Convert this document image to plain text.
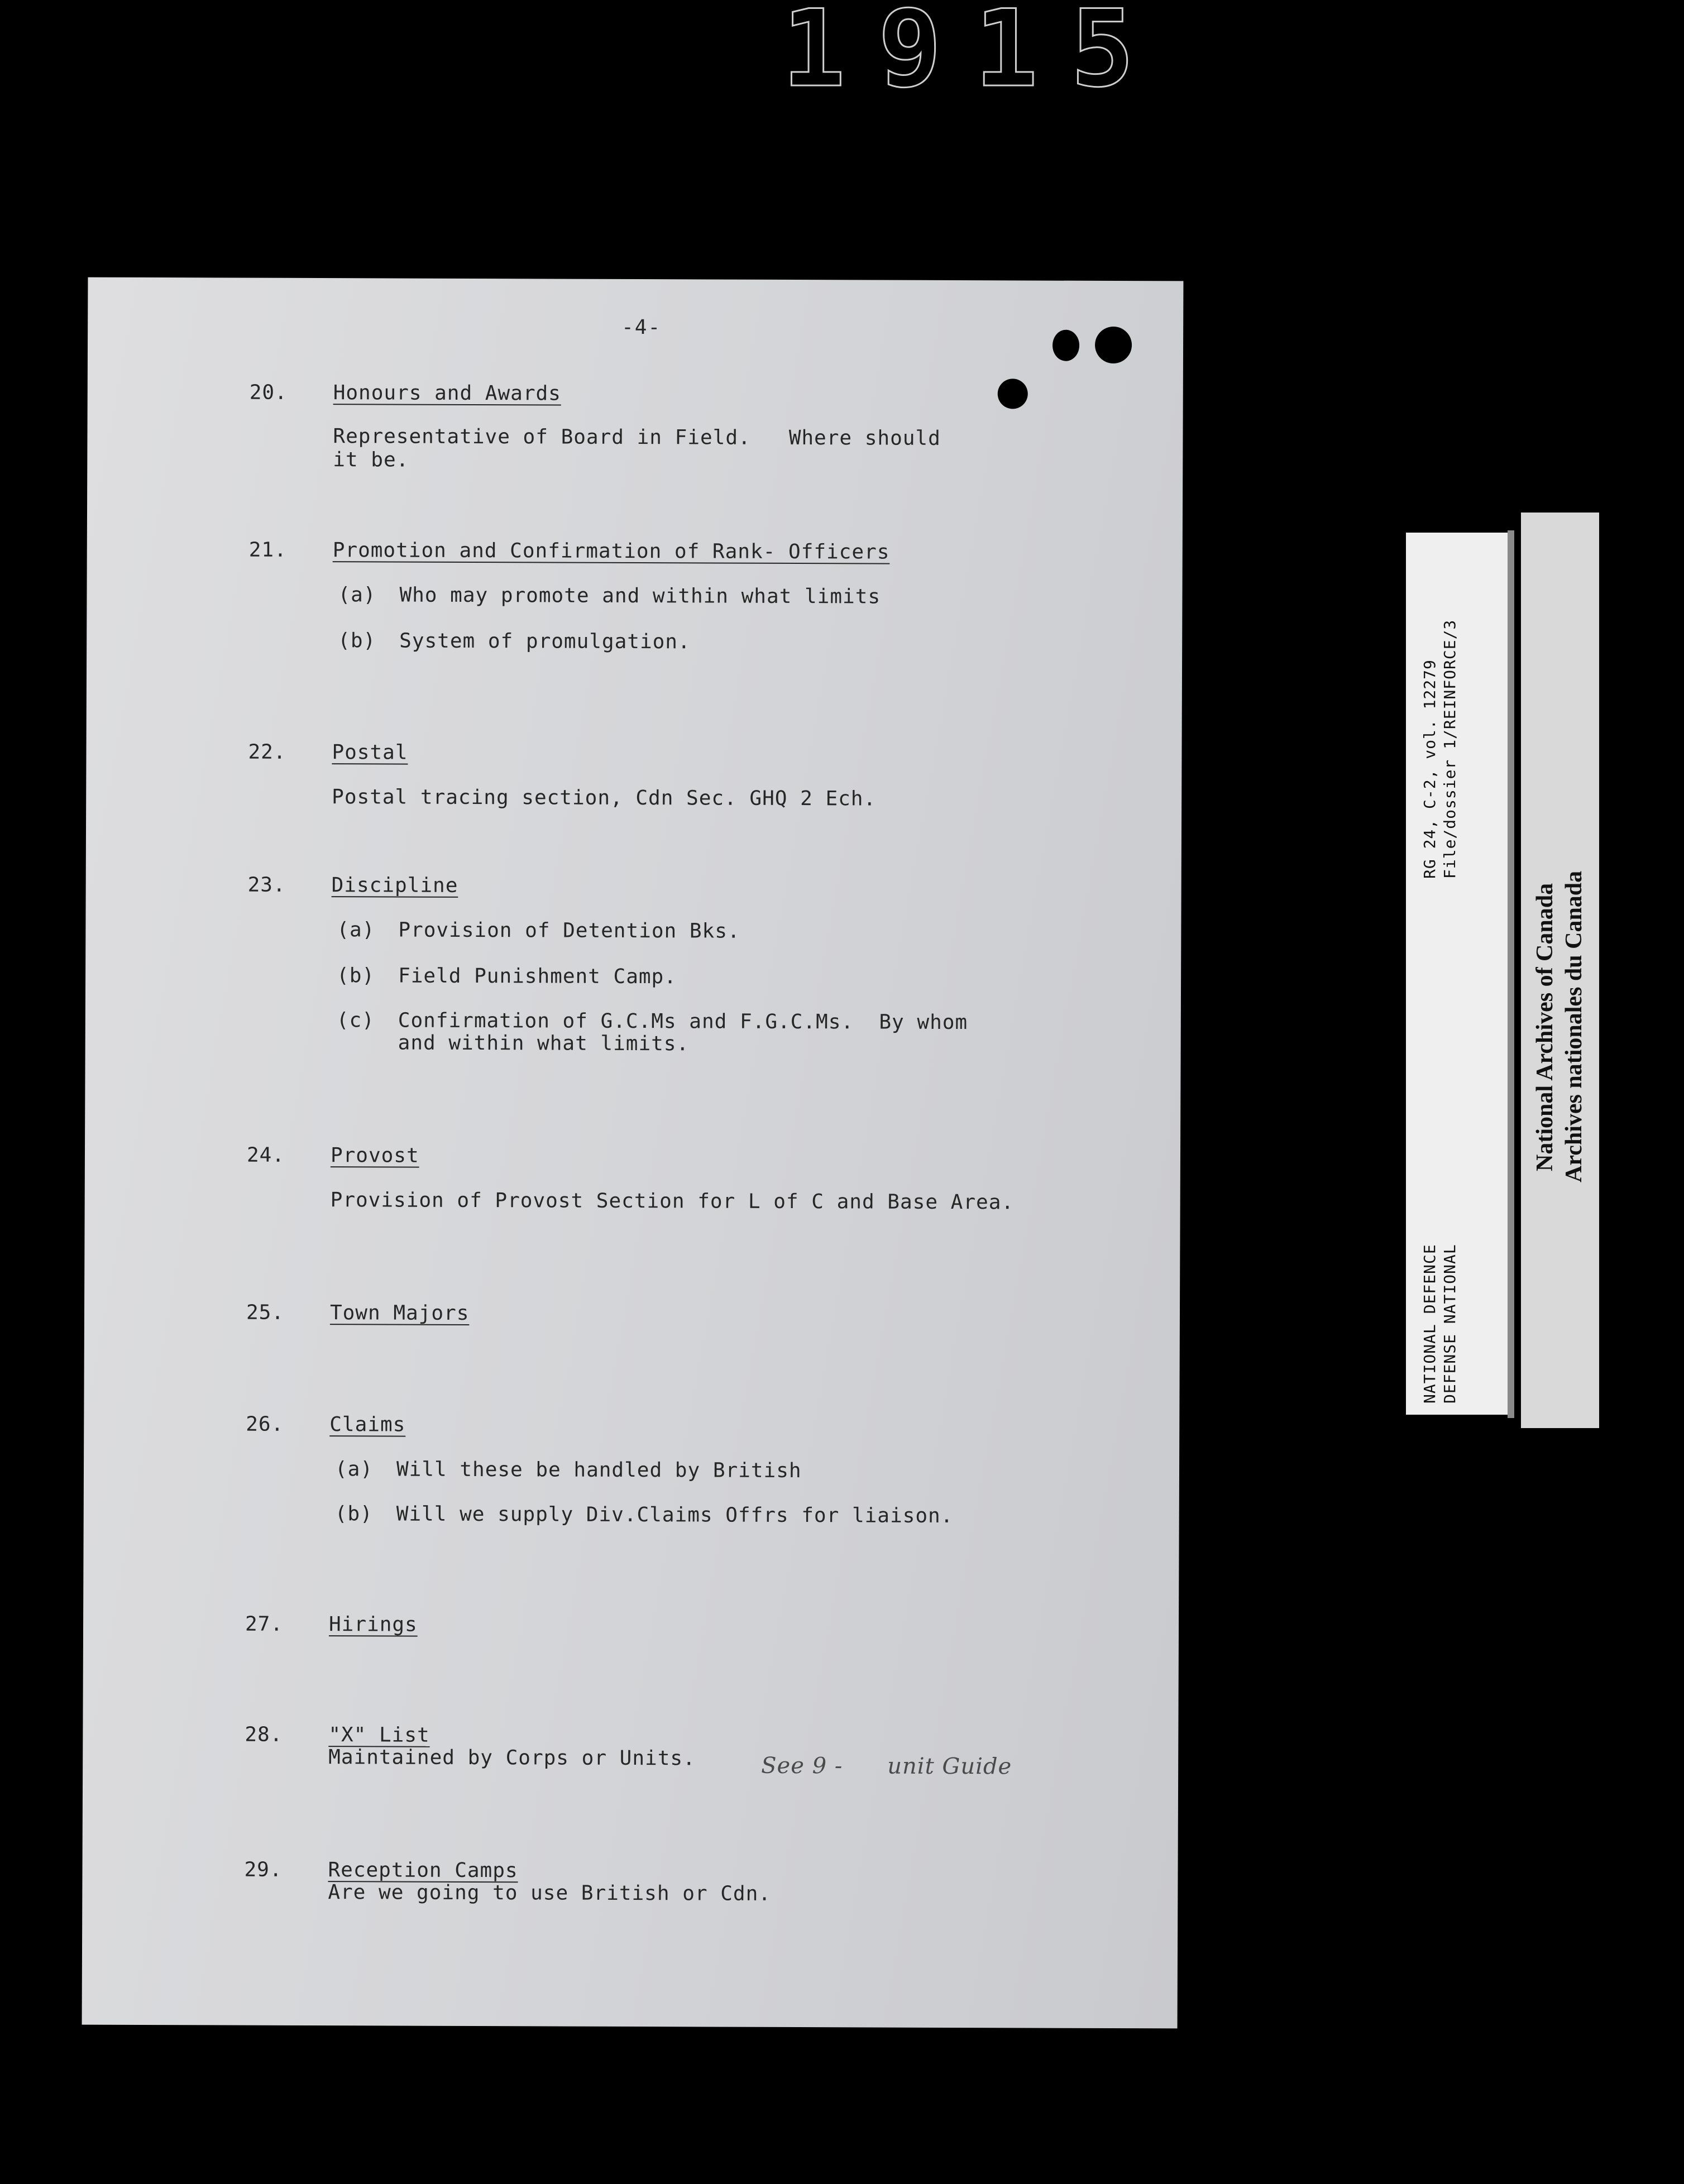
1915
-4-
20. Honours and Awards
Representative of Board in Field.   Where should
it be.
21. Promotion and Confirmation of Rank- Officers
(a) Who may promote and within what limits
(b) System of promulgation.
22. Postal
Postal tracing section, Cdn Sec. GHQ 2 Ech.
23. Discipline
(a) Provision of Detention Bks.
(b) Field Punishment Camp.
(c) Confirmation of G.C.Ms and F.G.C.Ms.  By whom
and within what limits.
24. Provost
Provision of Provost Section for L of C and Base Area.
25. Town Majors
26. Claims
(a) Will these be handled by British
(b) Will we supply Div.Claims Offrs for liaison.
27. Hirings
28. "X" List
Maintained by Corps or Units.	See 9 - unit Guide
29. Reception Camps
Are we going to use British or Cdn.
RG 24, C-2, vol. 12279 File/dossier 1/REINFORCE/3
NATIONAL DEFENCE DEFENSE NATIONAL
National Archives of Canada Archives nationales du Canada
